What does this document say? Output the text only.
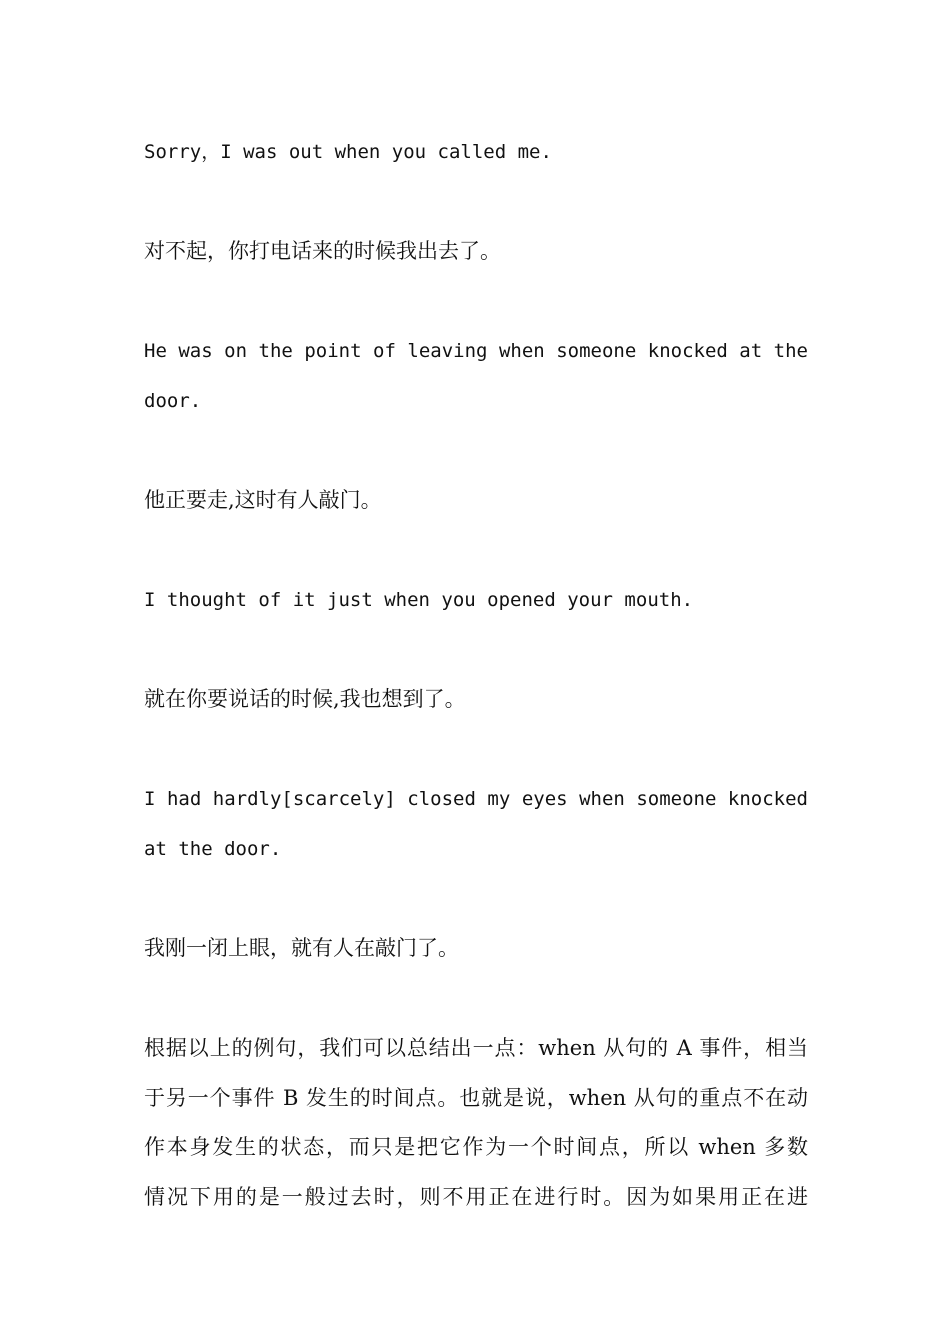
Sorry，I was out when you called me.
对不起，你打电话来的时候我出去了。
He was on the point of leaving when someone knocked at the
door.
他正要走,这时有人敲门。
I thought of it just when you opened your mouth.
就在你要说话的时候,我也想到了。
I had hardly[scarcely] closed my eyes when someone knocked
at the door.
我刚一闭上眼，就有人在敲门了。
根据以上的例句，我们可以总结出一点：when 从句的 A 事件，相当
于另一个事件 B 发生的时间点。也就是说，when 从句的重点不在动
作本身发生的状态，而只是把它作为一个时间点，所以 when 多数
情况下用的是一般过去时，则不用正在进行时。因为如果用正在进
